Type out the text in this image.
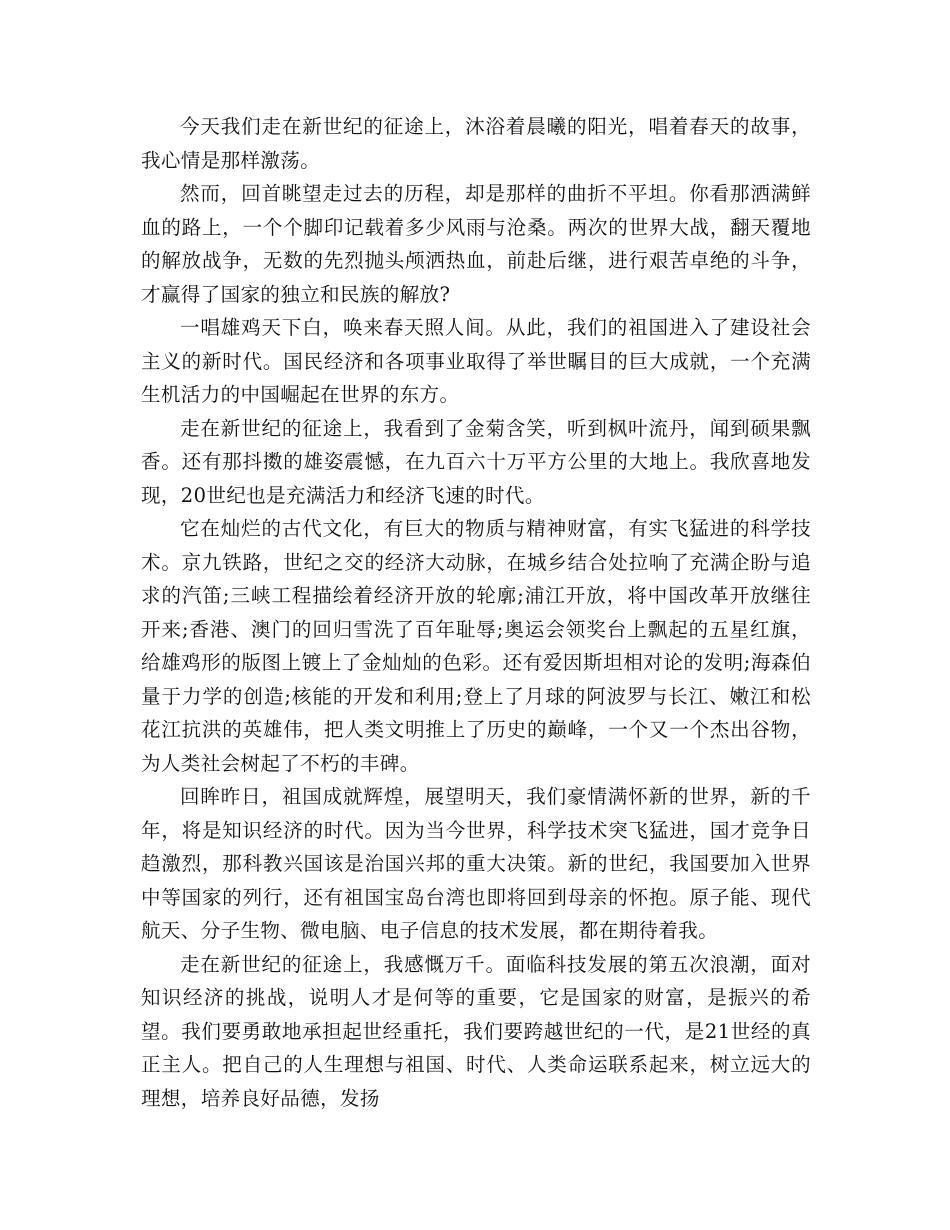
今天我们走在新世纪的征途上，沐浴着晨曦的阳光，唱着春天的故事，我心情是那样激荡。

然而，回首眺望走过去的历程，却是那样的曲折不平坦。你看那洒满鲜血的路上，一个个脚印记载着多少风雨与沧桑。两次的世界大战，翻天覆地的解放战争，无数的先烈抛头颅洒热血，前赴后继，进行艰苦卓绝的斗争，才赢得了国家的独立和民族的解放?

一唱雄鸡天下白，唤来春天照人间。从此，我们的祖国进入了建设社会主义的新时代。国民经济和各项事业取得了举世瞩目的巨大成就，一个充满生机活力的中国崛起在世界的东方。

走在新世纪的征途上，我看到了金菊含笑，听到枫叶流丹，闻到硕果飘香。还有那抖擞的雄姿震憾，在九百六十万平方公里的大地上。我欣喜地发现，20世纪也是充满活力和经济飞速的时代。

它在灿烂的古代文化，有巨大的物质与精神财富，有实飞猛进的科学技术。京九铁路，世纪之交的经济大动脉，在城乡结合处拉响了充满企盼与追求的汽笛;三峡工程描绘着经济开放的轮廓;浦江开放，将中国改革开放继往开来;香港、澳门的回归雪洗了百年耻辱;奥运会领奖台上飘起的五星红旗，给雄鸡形的版图上镀上了金灿灿的色彩。还有爱因斯坦相对论的发明;海森伯量于力学的创造;核能的开发和利用;登上了月球的阿波罗与长江、嫩江和松花江抗洪的英雄伟，把人类文明推上了历史的巅峰，一个又一个杰出谷物，为人类社会树起了不朽的丰碑。

回眸昨日，祖国成就辉煌，展望明天，我们豪情满怀新的世界，新的千年，将是知识经济的时代。因为当今世界，科学技术突飞猛进，国才竞争日趋激烈，那科教兴国该是治国兴邦的重大决策。新的世纪，我国要加入世界中等国家的列行，还有祖国宝岛台湾也即将回到母亲的怀抱。原子能、现代航天、分子生物、微电脑、电子信息的技术发展，都在期待着我。

走在新世纪的征途上，我感慨万千。面临科技发展的第五次浪潮，面对知识经济的挑战，说明人才是何等的重要，它是国家的财富，是振兴的希望。我们要勇敢地承担起世经重托，我们要跨越世纪的一代，是21世经的真正主人。把自己的人生理想与祖国、时代、人类命运联系起来，树立远大的理想，培养良好品德，发扬
